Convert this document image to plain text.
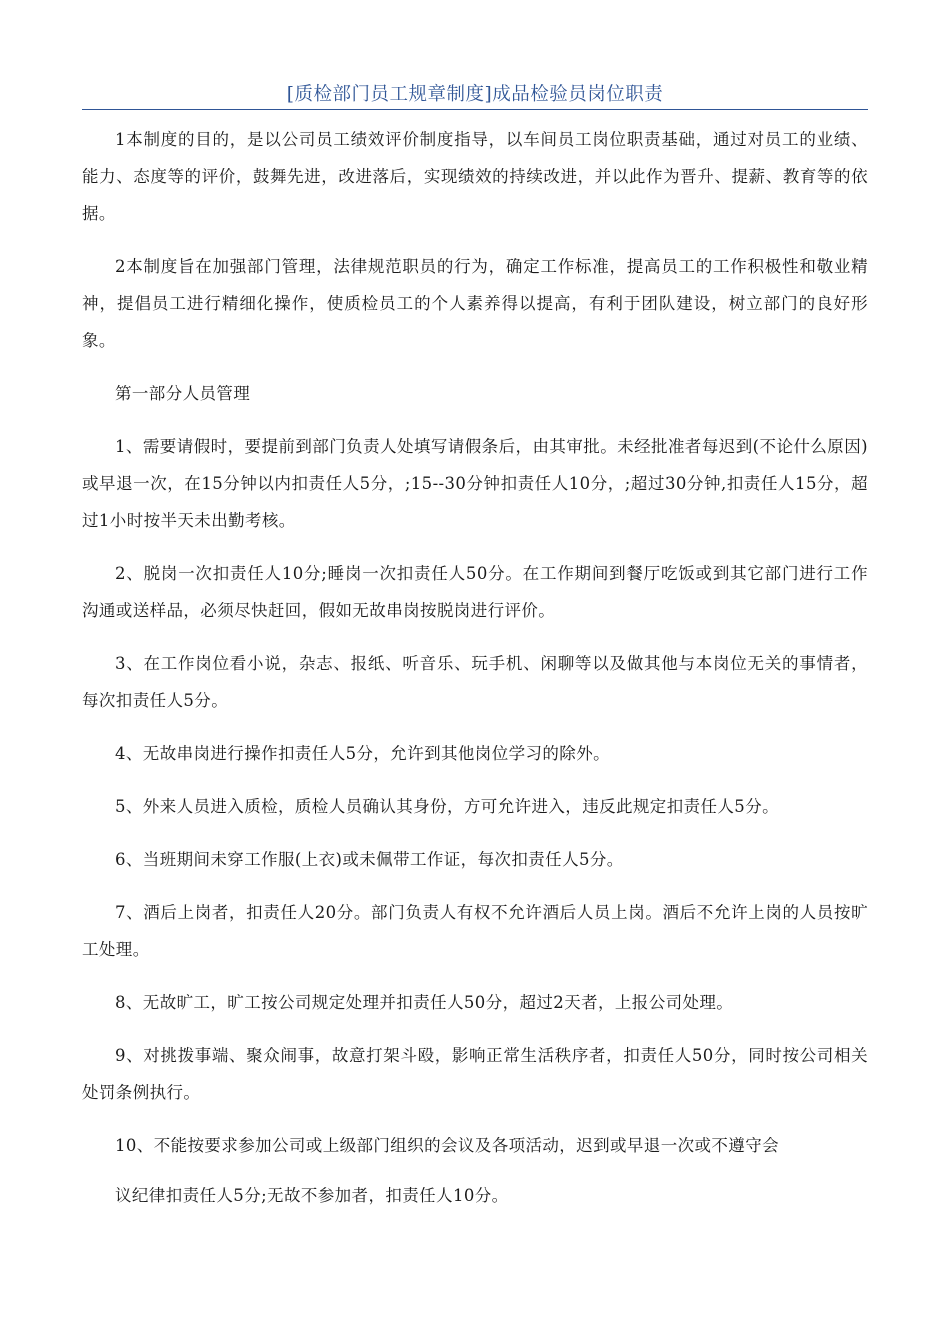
[质检部门员工规章制度]成品检验员岗位职责

1本制度的目的，是以公司员工绩效评价制度指导，以车间员工岗位职责基础，通过对员工的业绩、能力、态度等的评价，鼓舞先进，改进落后，实现绩效的持续改进，并以此作为晋升、提薪、教育等的依据。

2本制度旨在加强部门管理，法律规范职员的行为，确定工作标准，提高员工的工作积极性和敬业精神，提倡员工进行精细化操作，使质检员工的个人素养得以提高，有利于团队建设，树立部门的良好形象。

第一部分人员管理

1、需要请假时，要提前到部门负责人处填写请假条后，由其审批。未经批准者每迟到(不论什么原因)或早退一次，在15分钟以内扣责任人5分，;15--30分钟扣责任人10分，;超过30分钟,扣责任人15分，超过1小时按半天未出勤考核。

2、脱岗一次扣责任人10分;睡岗一次扣责任人50分。在工作期间到餐厅吃饭或到其它部门进行工作沟通或送样品，必须尽快赶回，假如无故串岗按脱岗进行评价。

3、在工作岗位看小说，杂志、报纸、听音乐、玩手机、闲聊等以及做其他与本岗位无关的事情者，每次扣责任人5分。

4、无故串岗进行操作扣责任人5分，允许到其他岗位学习的除外。

5、外来人员进入质检，质检人员确认其身份，方可允许进入，违反此规定扣责任人5分。

6、当班期间未穿工作服(上衣)或未佩带工作证，每次扣责任人5分。

7、酒后上岗者，扣责任人20分。部门负责人有权不允许酒后人员上岗。酒后不允许上岗的人员按旷工处理。

8、无故旷工，旷工按公司规定处理并扣责任人50分，超过2天者，上报公司处理。

9、对挑拨事端、聚众闹事，故意打架斗殴，影响正常生活秩序者，扣责任人50分，同时按公司相关处罚条例执行。

10、不能按要求参加公司或上级部门组织的会议及各项活动，迟到或早退一次或不遵守会

议纪律扣责任人5分;无故不参加者，扣责任人10分。
